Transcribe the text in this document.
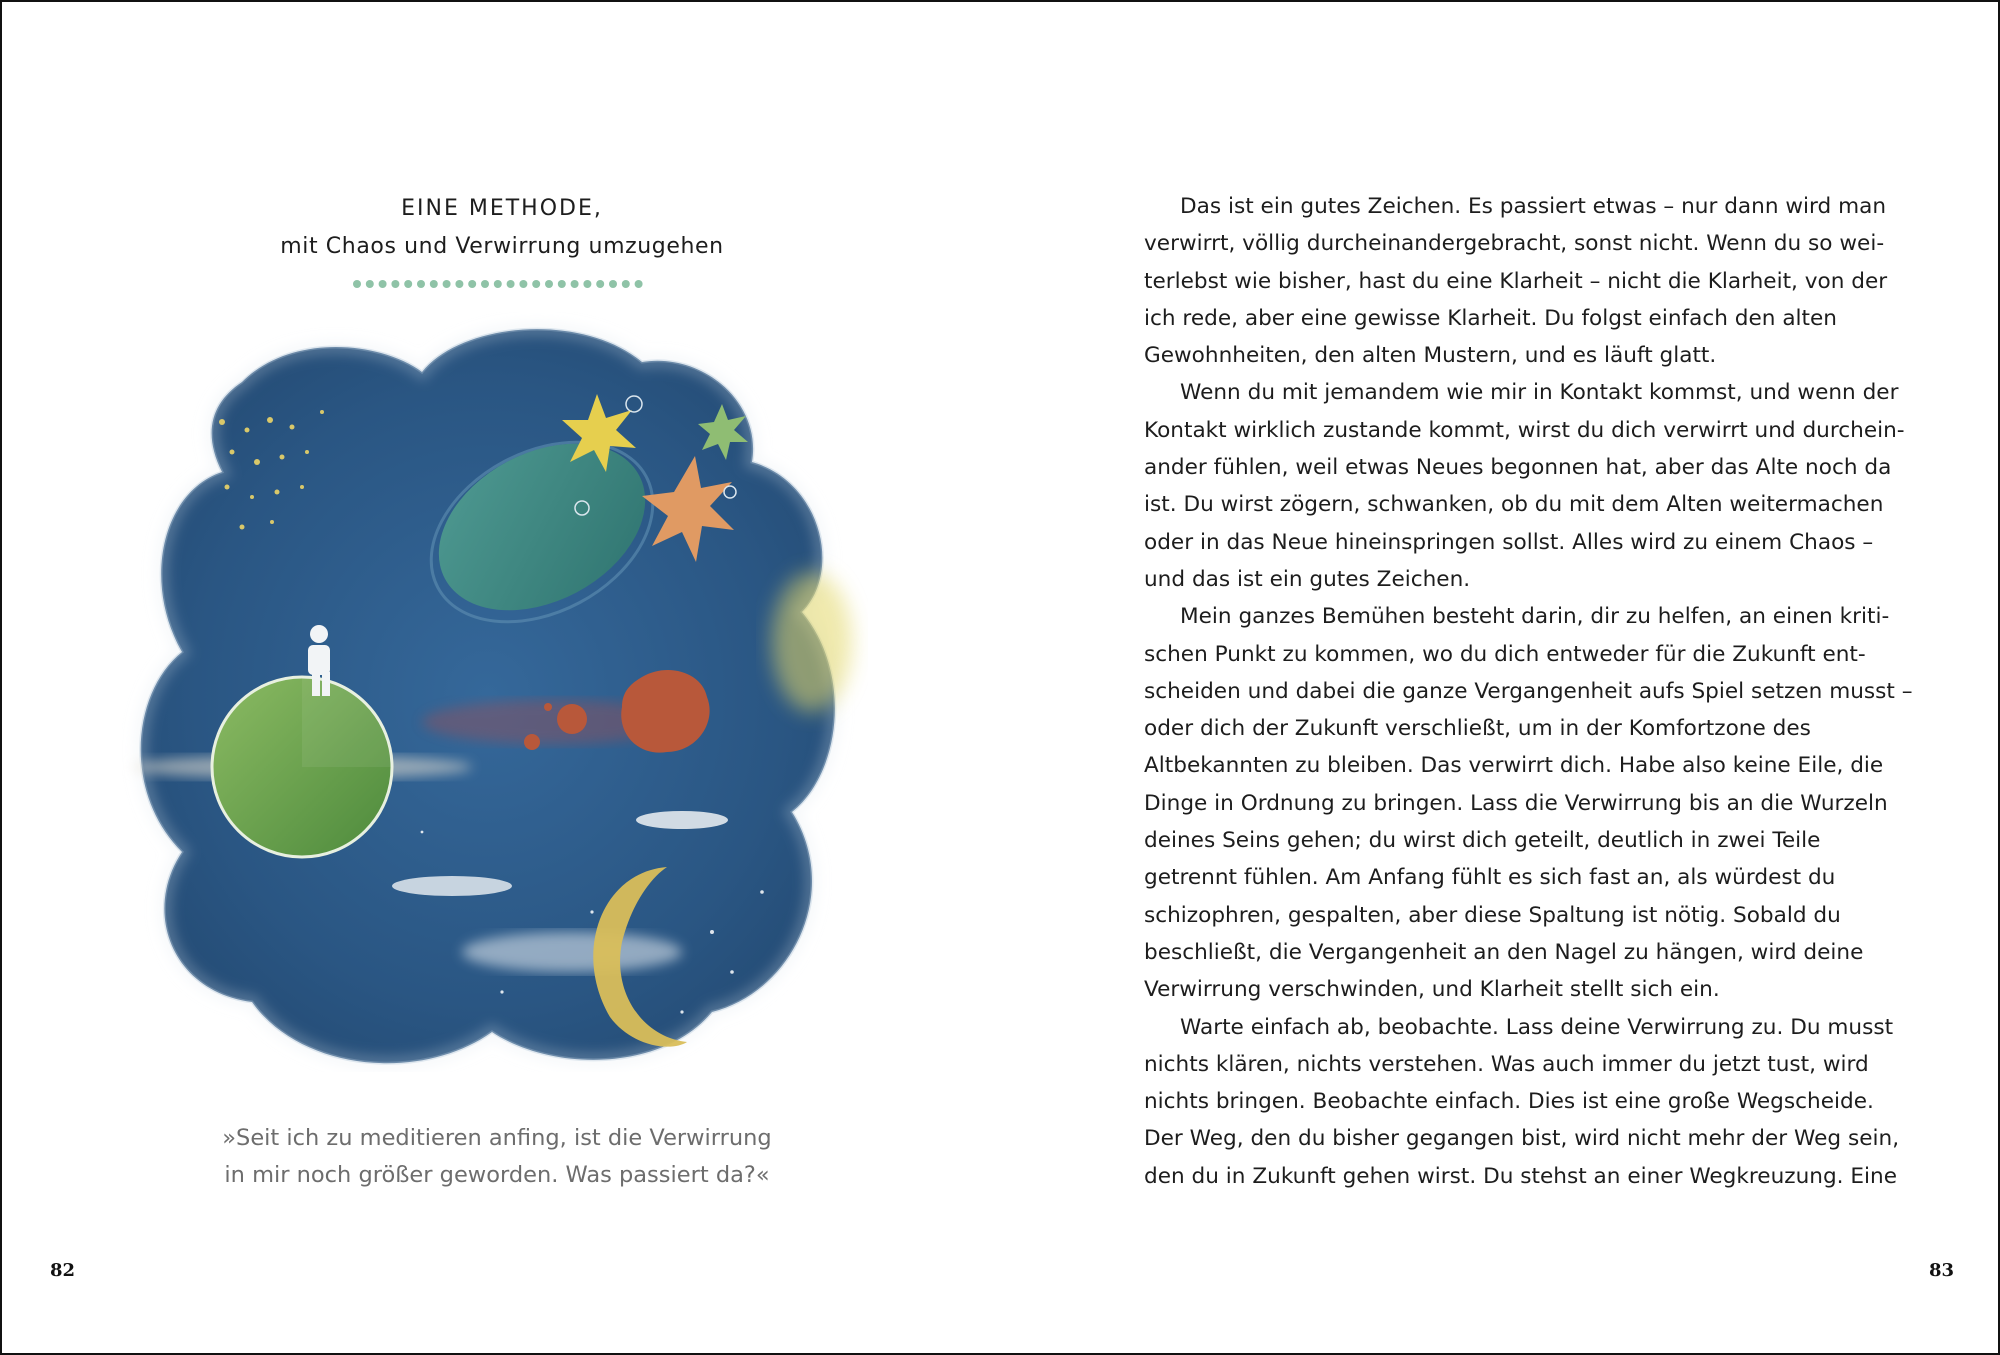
EINE METHODE,
mit Chaos und Verwirrung umzugehen
»Seit ich zu meditieren anfing, ist die Verwirrung
in mir noch größer geworden. Was passiert da?«
82
Das ist ein gutes Zeichen. Es passiert etwas – nur dann wird man
verwirrt, völlig durcheinandergebracht, sonst nicht. Wenn du so wei-
terlebst wie bisher, hast du eine Klarheit – nicht die Klarheit, von der
ich rede, aber eine gewisse Klarheit. Du folgst einfach den alten
Gewohnheiten, den alten Mustern, und es läuft glatt.
Wenn du mit jemandem wie mir in Kontakt kommst, und wenn der
Kontakt wirklich zustande kommt, wirst du dich verwirrt und durchein-
ander fühlen, weil etwas Neues begonnen hat, aber das Alte noch da
ist. Du wirst zögern, schwanken, ob du mit dem Alten weitermachen
oder in das Neue hineinspringen sollst. Alles wird zu einem Chaos –
und das ist ein gutes Zeichen.
Mein ganzes Bemühen besteht darin, dir zu helfen, an einen kriti-
schen Punkt zu kommen, wo du dich entweder für die Zukunft ent-
scheiden und dabei die ganze Vergangenheit aufs Spiel setzen musst –
oder dich der Zukunft verschließt, um in der Komfortzone des
Altbekannten zu bleiben. Das verwirrt dich. Habe also keine Eile, die
Dinge in Ordnung zu bringen. Lass die Verwirrung bis an die Wurzeln
deines Seins gehen; du wirst dich geteilt, deutlich in zwei Teile
getrennt fühlen. Am Anfang fühlt es sich fast an, als würdest du
schizophren, gespalten, aber diese Spaltung ist nötig. Sobald du
beschließt, die Vergangenheit an den Nagel zu hängen, wird deine
Verwirrung verschwinden, und Klarheit stellt sich ein.
Warte einfach ab, beobachte. Lass deine Verwirrung zu. Du musst
nichts klären, nichts verstehen. Was auch immer du jetzt tust, wird
nichts bringen. Beobachte einfach. Dies ist eine große Wegscheide.
Der Weg, den du bisher gegangen bist, wird nicht mehr der Weg sein,
den du in Zukunft gehen wirst. Du stehst an einer Wegkreuzung. Eine
83
